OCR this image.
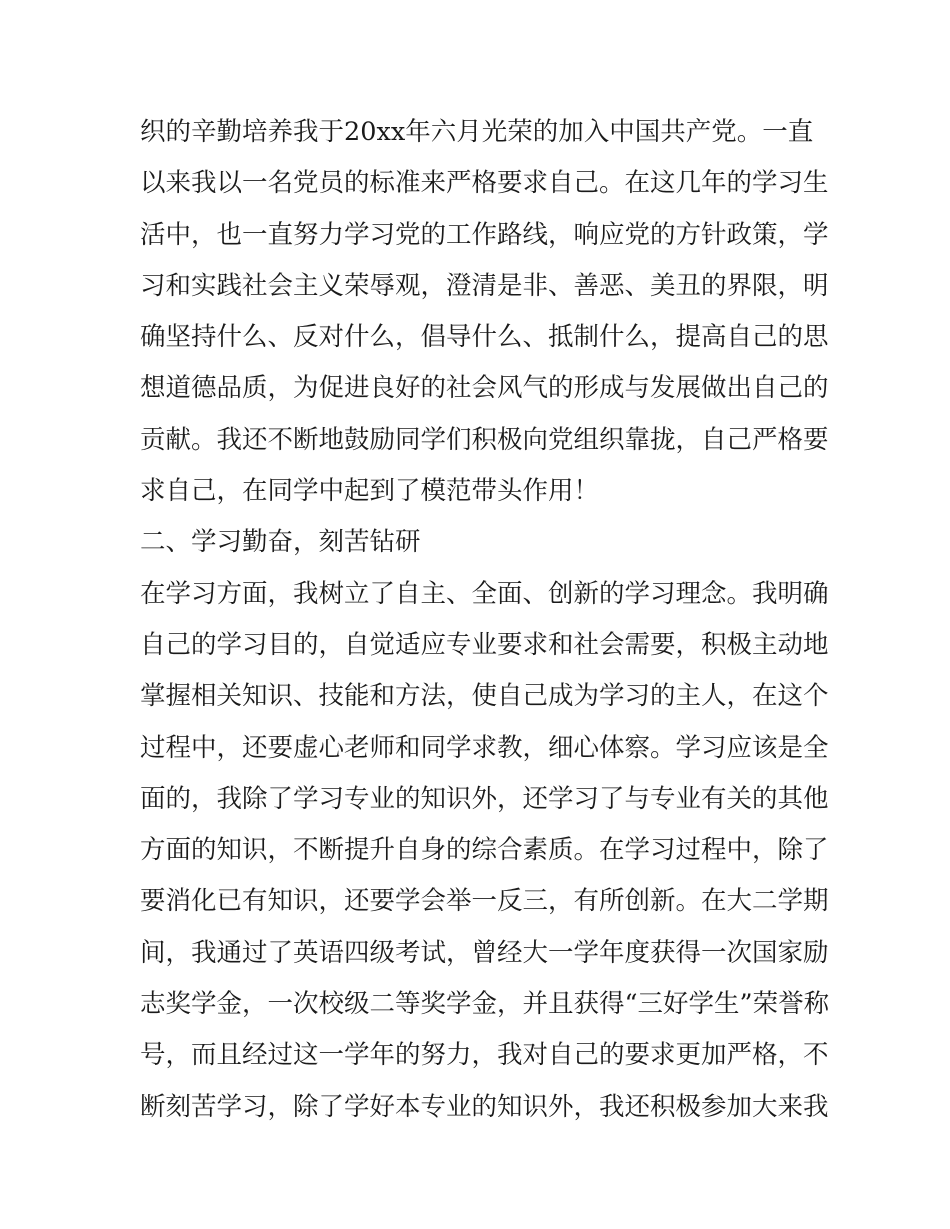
织的辛勤培养我于20xx年六月光荣的加入中国共产党。一直
以来我以一名党员的标准来严格要求自己。在这几年的学习生
活中，也一直努力学习党的工作路线，响应党的方针政策，学
习和实践社会主义荣辱观，澄清是非、善恶、美丑的界限，明
确坚持什么、反对什么，倡导什么、抵制什么，提高自己的思
想道德品质，为促进良好的社会风气的形成与发展做出自己的
贡献。我还不断地鼓励同学们积极向党组织靠拢，自己严格要
求自己，在同学中起到了模范带头作用！
二、学习勤奋，刻苦钻研
在学习方面，我树立了自主、全面、创新的学习理念。我明确
自己的学习目的，自觉适应专业要求和社会需要，积极主动地
掌握相关知识、技能和方法，使自己成为学习的主人，在这个
过程中，还要虚心老师和同学求教，细心体察。学习应该是全
面的，我除了学习专业的知识外，还学习了与专业有关的其他
方面的知识，不断提升自身的综合素质。在学习过程中，除了
要消化已有知识，还要学会举一反三，有所创新。在大二学期
间，我通过了英语四级考试，曾经大一学年度获得一次国家励
志奖学金，一次校级二等奖学金，并且获得“三好学生”荣誉称
号，而且经过这一学年的努力，我对自己的要求更加严格，不
断刻苦学习，除了学好本专业的知识外，我还积极参加大来我
